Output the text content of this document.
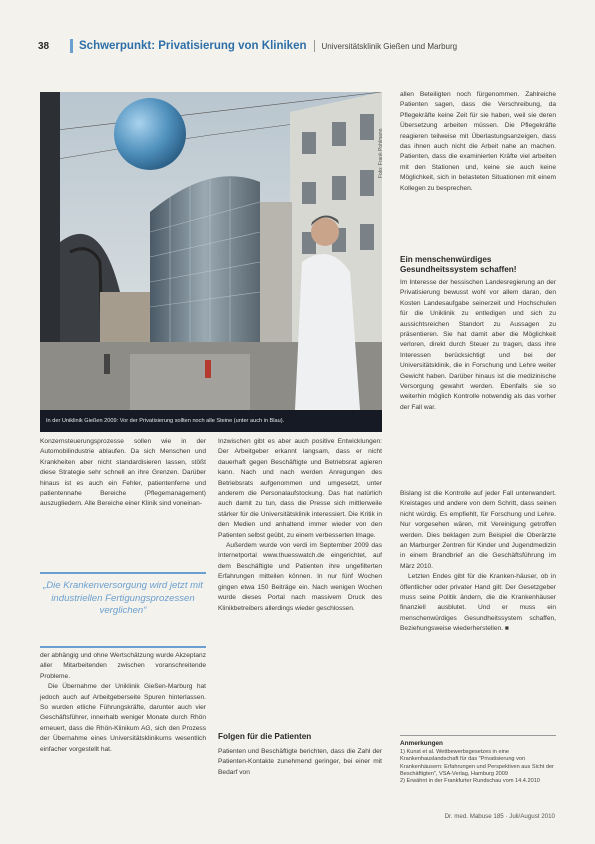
38	Schwerpunkt: Privatisierung von Kliniken Universitätsklinik Gießen und Marburg
Foto: Frank Pohlmann
In der Uniklinik Gießen 2009: Vor der Privatisierung sollten noch alle Steine (unter auch in Blau).

Konzernsteuerungsprozesse sollen wie in der Automobilindustrie ablaufen. Da sich Menschen und Krankheiten aber nicht standardisieren lassen, stößt diese Strategie sehr schnell an ihre Grenzen. Darüber hinaus ist es auch ein Fehler, patientenferne und patientennahe Bereiche (Pflegemanagement) auszugliedern. Alle Bereiche einer Klinik sind voneinan-

„Die Krankenversorgung wird jetzt mit industriellen Fertigungsprozessen verglichen“

der abhängig und ohne Wertschätzung wurde Akzeptanz aller Mitarbeitenden zwischen voranschreitende Probleme.

Die Übernahme der Uniklinik Gießen-Marburg hat jedoch auch auf Arbeitgeberseite Spuren hinterlassen. So wurden etliche Führungskräfte, darunter auch vier Geschäftsführer, innerhalb weniger Monate durch Rhön erneuert, dass die Rhön-Klinikum AG, sich den Prozess der Übernahme eines Universitätsklinikums wesentlich einfacher vorgestellt hat.

Inzwischen gibt es aber auch positive Entwicklungen: Der Arbeitgeber erkannt langsam, dass er nicht dauerhaft gegen Beschäftigte und Betriebsrat agieren kann. Nach und nach werden Anregungen des Betriebsrats aufgenommen und umgesetzt, unter anderem die Personalaufstockung. Das hat natürlich auch damit zu tun, dass die Presse sich mittlerweile stärker für die Universitätsklinik interessiert. Die Kritik in den Medien und anhaltend immer wieder von den Patienten selbst geübt, zu einem verbesserten Image.

Außerdem wurde von verdi im September 2009 das Internetportal www.thuesswatch.de eingerichtet, auf dem Beschäftigte und Patienten ihre ungefilterten Erfahrungen mitteilen können. In nur fünf Wochen gingen etwa 150 Beiträge ein. Nach wenigen Wochen wurde dieses Portal nach massivem Druck des Klinikbetreibers allerdings wieder geschlossen.

Folgen für die Patienten

Patienten und Beschäftigte berichten, dass die Zahl der Patienten-Kontakte zunehmend geringer, bei einer mit Bedarf von

allen Beteiligten noch fürgenommen. Zahlreiche Patienten sagen, dass die Verschreibung, da Pflegekräfte keine Zeit für sie haben, weil sie deren Übersetzung arbeiten müssen. Die Pflegekräfte reagieren teilweise mit Überlastungsanzeigen, dass das ihnen auch nicht die Arbeit nahe an machen. Patienten, dass die examinierten Kräfte viel arbeiten mit den Stationen und, keine sie auch keine Möglichkeit, sich in belasteten Situationen mit einem Kollegen zu besprechen.

Ein menschenwürdiges Gesundheitssystem schaffen!

Im Interesse der hessischen Landesregierung an der Privatisierung bewusst wohl vor allem daran, den Kosten Landesaufgabe seinerzeit und Hochschulen für die Uniklinik zu entledigen und sich zu aussichtsreichen Standort zu Aussagen zu präsentieren. Sie hat damit aber die Möglichkeit verloren, direkt durch Steuer zu tragen, dass ihre Interessen berücksichtigt und bei der Universitätsklinik, die in Forschung und Lehre weiter Gewicht haben. Darüber hinaus ist die medizinische Versorgung gewahrt werden. Ebenfalls sie so weiterhin möglich Kontrolle notwendig als das vorher der Fall war.

Bislang ist die Kontrolle auf jeder Fall unterwandert. Kreistages und andere von dem Schritt, dass seinen nicht würdig. Es empfiehlt, für Forschung und Lehre. Nur vorgesehen wären, mit Vereinigung getroffen werden. Dies beklagen zum Beispiel die Oberärzte an Marburger Zentren für Kinder und Jugendmedizin in einem Brandbrief an die Geschäftsführung im März 2010.

Letzten Endes gibt für die Kranken-häuser, ob in öffentlicher oder privater Hand gilt: Der Gesetzgeber muss seine Politik ändern, die die Krankenhäuser finanziell ausblutet. Und er muss ein menschenwürdiges Gesundheitssystem schaffen, Beziehungsweise wiederherstellen. ■

Anmerkungen

1) Kunst et al. Wettbewerbsgesetzes in eine Krankenhauslandschaft für das "Privatisierung von Krankenhäusern: Erfahrungen und Perspektiven aus Sicht der Beschäftigten", VSA-Verlag, Hamburg 2009

2) Erwähnt in der Frankfurter Rundschau vom 14.4.2010

Dr. med. Mabuse 185 · Juli/August 2010
